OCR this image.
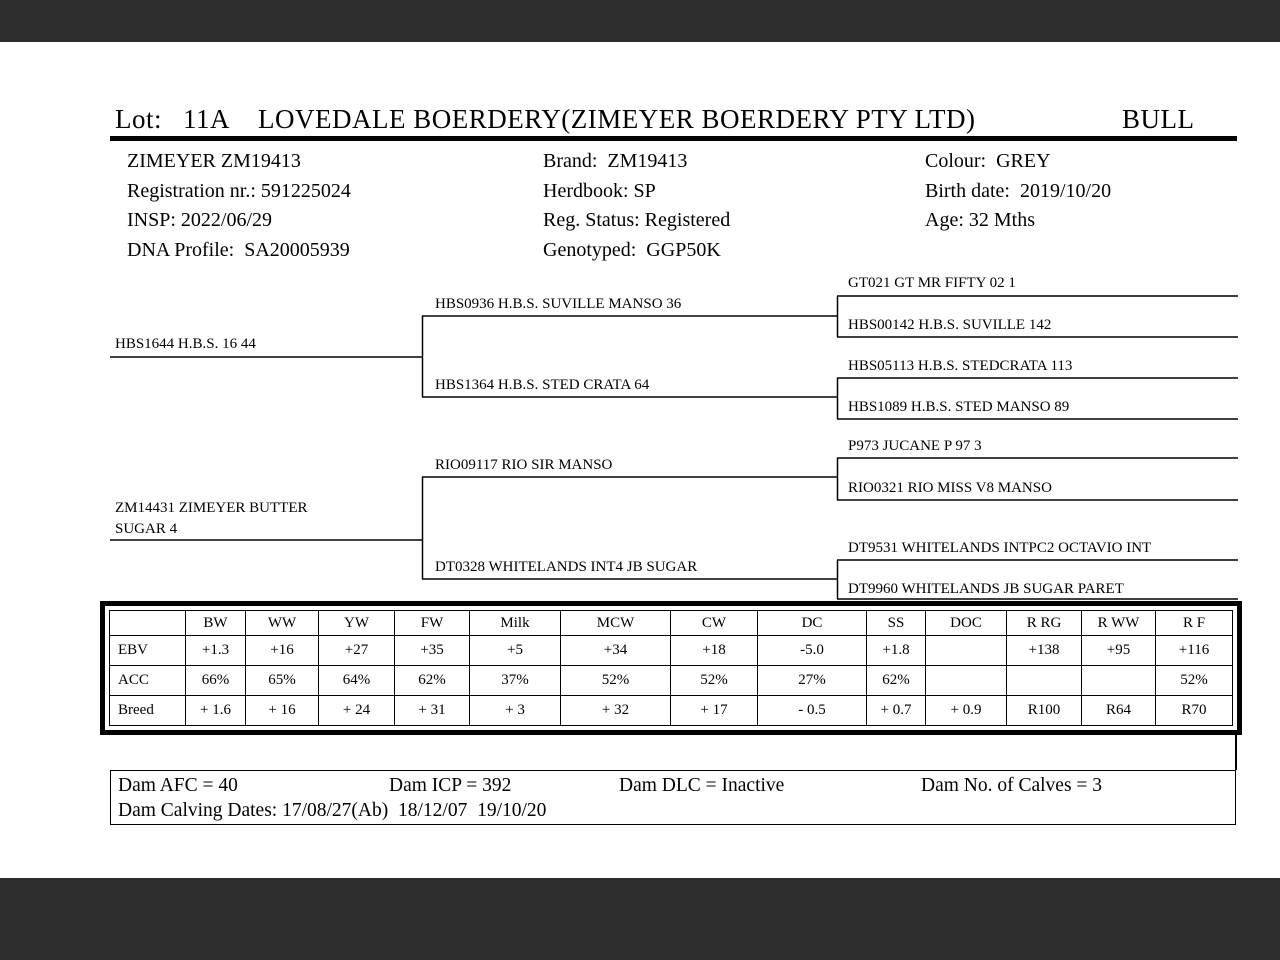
Lot: 11A LOVEDALE BOERDERY(ZIMEYER BOERDERY PTY LTD)	BULL
ZIMEYER ZM19413
Registration nr.: 591225024
INSP: 2022/06/29
DNA Profile:  SA20005939
Brand:  ZM19413
Herdbook: SP
Reg. Status: Registered
Genotyped:  GGP50K
Colour:  GREY
Birth date:  2019/10/20
Age: 32 Mths
HBS1644 H.B.S. 16 44
ZM14431 ZIMEYER BUTTER SUGAR 4
HBS0936 H.B.S. SUVILLE MANSO 36
HBS1364 H.B.S. STED CRATA 64
RIO09117 RIO SIR MANSO
DT0328 WHITELANDS INT4 JB SUGAR
GT021 GT MR FIFTY 02 1
HBS00142 H.B.S. SUVILLE 142
HBS05113 H.B.S. STEDCRATA 113
HBS1089 H.B.S. STED MANSO 89
P973 JUCANE P 97 3
RIO0321 RIO MISS V8 MANSO
DT9531 WHITELANDS INTPC2 OCTAVIO INT
DT9960 WHITELANDS JB SUGAR PARET
	BW	WW	YW	FW	Milk	MCW	CW	DC	SS	DOC	R RG	R WW	R F
EBV	+1.3	+16	+27	+35	+5	+34	+18	-5.0	+1.8		+138	+95	+116
ACC	66%	65%	64%	62%	37%	52%	52%	27%	62%				52%
Breed	+ 1.6	+ 16	+ 24	+ 31	+ 3	+ 32	+ 17	- 0.5	+ 0.7	+ 0.9	R100	R64	R70
Dam AFC = 40	Dam ICP = 392	Dam DLC = Inactive	Dam No. of Calves = 3
Dam Calving Dates: 17/08/27(Ab)  18/12/07  19/10/20
